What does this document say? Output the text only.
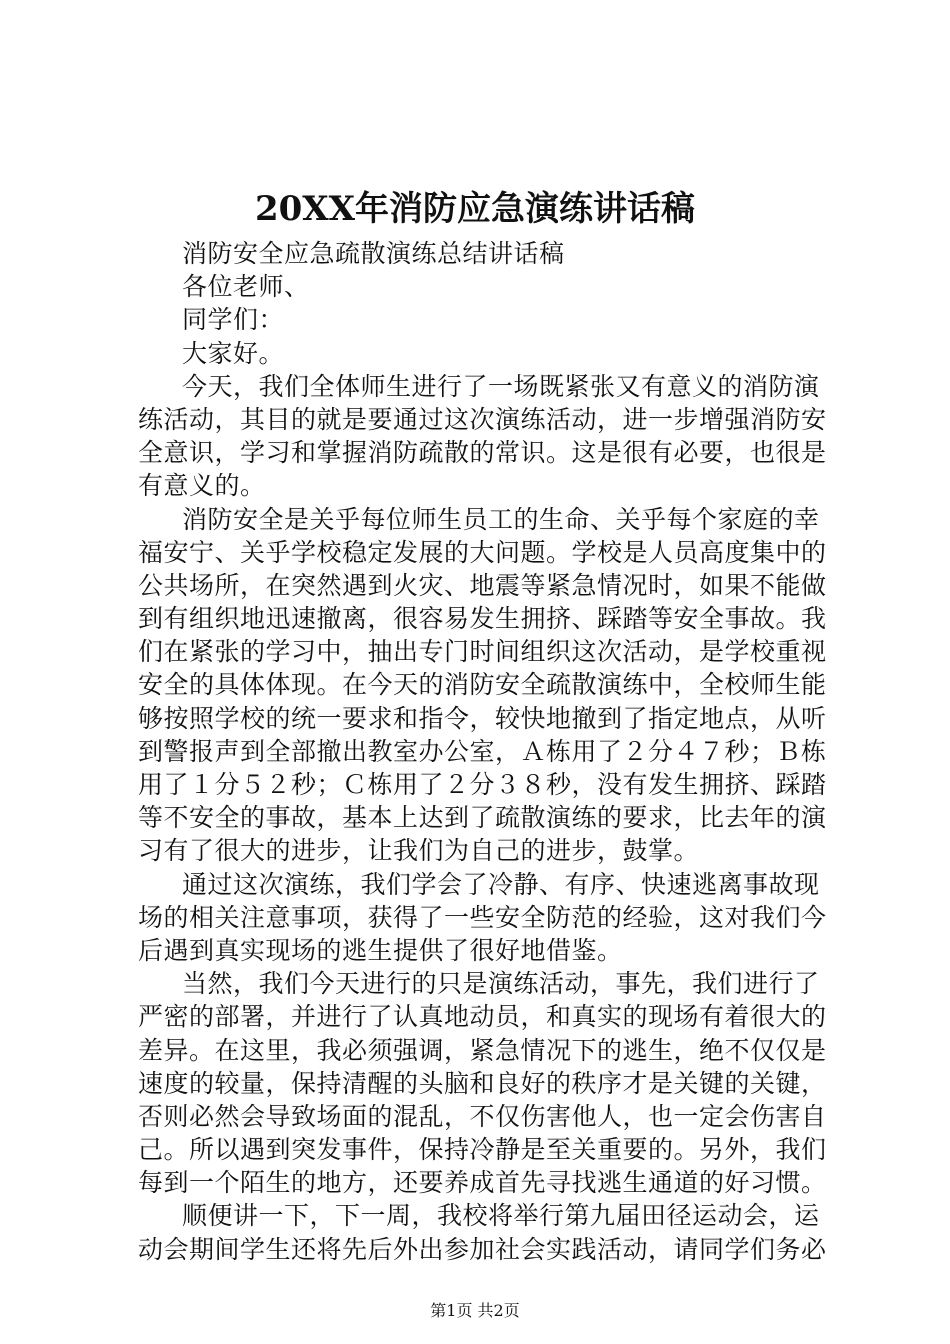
20XX年消防应急演练讲话稿
消防安全应急疏散演练总结讲话稿
各位老师、
同学们：
大家好。
今天，我们全体师生进行了一场既紧张又有意义的消防演
练活动，其目的就是要通过这次演练活动，进一步增强消防安
全意识，学习和掌握消防疏散的常识。这是很有必要，也很是
有意义的。
消防安全是关乎每位师生员工的生命、关乎每个家庭的幸
福安宁、关乎学校稳定发展的大问题。学校是人员高度集中的
公共场所，在突然遇到火灾、地震等紧急情况时，如果不能做
到有组织地迅速撤离，很容易发生拥挤、踩踏等安全事故。我
们在紧张的学习中，抽出专门时间组织这次活动，是学校重视
安全的具体体现。在今天的消防安全疏散演练中，全校师生能
够按照学校的统一要求和指令，较快地撤到了指定地点，从听
到警报声到全部撤出教室办公室，Ａ栋用了２分４７秒；Ｂ栋
用了１分５２秒；Ｃ栋用了２分３８秒，没有发生拥挤、踩踏
等不安全的事故，基本上达到了疏散演练的要求，比去年的演
习有了很大的进步，让我们为自己的进步，鼓掌。
通过这次演练，我们学会了冷静、有序、快速逃离事故现
场的相关注意事项，获得了一些安全防范的经验，这对我们今
后遇到真实现场的逃生提供了很好地借鉴。
当然，我们今天进行的只是演练活动，事先，我们进行了
严密的部署，并进行了认真地动员，和真实的现场有着很大的
差异。在这里，我必须强调，紧急情况下的逃生，绝不仅仅是
速度的较量，保持清醒的头脑和良好的秩序才是关键的关键，
否则必然会导致场面的混乱，不仅伤害他人，也一定会伤害自
己。所以遇到突发事件，保持冷静是至关重要的。另外，我们
每到一个陌生的地方，还要养成首先寻找逃生通道的好习惯。
顺便讲一下，下一周，我校将举行第九届田径运动会，运
动会期间学生还将先后外出参加社会实践活动，请同学们务必
第1页 共2页
